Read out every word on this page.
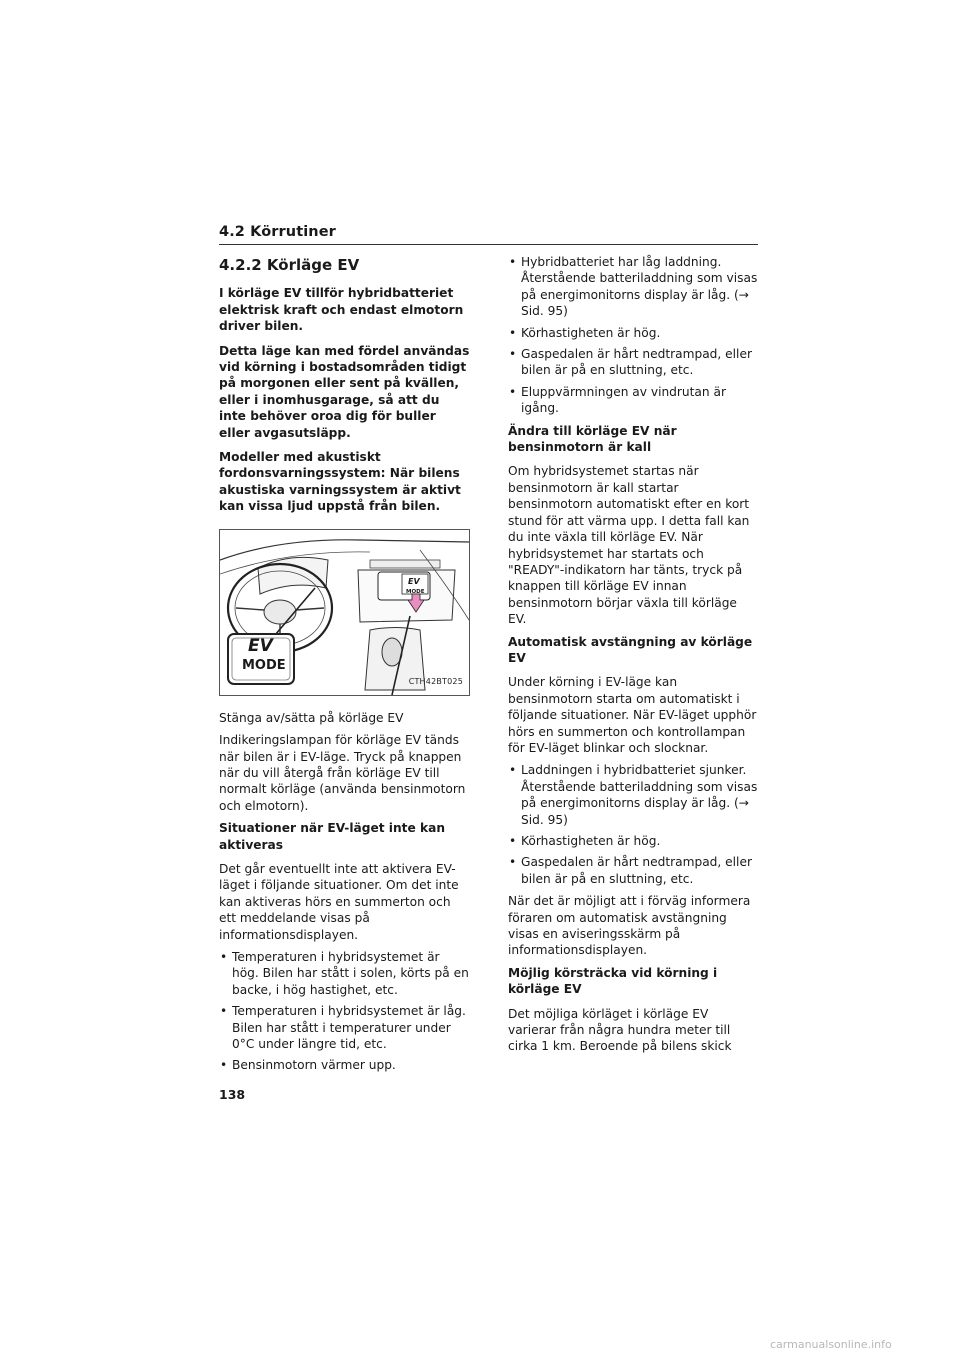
4.2 Körrutiner
4.2.2 Körläge EV

I körläge EV tillför hybridbatteriet elektrisk kraft och endast elmotorn driver bilen.

Detta läge kan med fördel användas vid körning i bostadsområden tidigt på morgonen eller sent på kvällen, eller i inomhusgarage, så att du inte behöver oroa dig för buller eller avgasutsläpp.

Modeller med akustiskt fordonsvarningssystem: När bilens akustiska varningssystem är aktivt kan vissa ljud uppstå från bilen.

EV
MODE
EV
MODE
CTH42BT025

Stänga av/sätta på körläge EV

Indikeringslampan för körläge EV tänds när bilen är i EV-läge. Tryck på knappen när du vill återgå från körläge EV till normalt körläge (använda bensinmotorn och elmotorn).

Situationer när EV-läget inte kan aktiveras

Det går eventuellt inte att aktivera EV-läget i följande situationer. Om det inte kan aktiveras hörs en summerton och ett meddelande visas på informationsdisplayen.

• Temperaturen i hybridsystemet är hög. Bilen har stått i solen, körts på en backe, i hög hastighet, etc.
• Temperaturen i hybridsystemet är låg. Bilen har stått i temperaturer under 0°C under längre tid, etc.
• Bensinmotorn värmer upp.
• Hybridbatteriet har låg laddning. Återstående batteriladdning som visas på energimonitorns display är låg. (→ Sid. 95)
• Körhastigheten är hög.
• Gaspedalen är hårt nedtrampad, eller bilen är på en sluttning, etc.
• Eluppvärmningen av vindrutan är igång.

Ändra till körläge EV när bensinmotorn är kall

Om hybridsystemet startas när bensinmotorn är kall startar bensinmotorn automatiskt efter en kort stund för att värma upp. I detta fall kan du inte växla till körläge EV. När hybridsystemet har startats och "READY"-indikatorn har tänts, tryck på knappen till körläge EV innan bensinmotorn börjar växla till körläge EV.

Automatisk avstängning av körläge EV

Under körning i EV-läge kan bensinmotorn starta om automatiskt i följande situationer. När EV-läget upphör hörs en summerton och kontrollampan för EV-läget blinkar och slocknar.

• Laddningen i hybridbatteriet sjunker. Återstående batteriladdning som visas på energimonitorns display är låg. (→ Sid. 95)
• Körhastigheten är hög.
• Gaspedalen är hårt nedtrampad, eller bilen är på en sluttning, etc.

När det är möjligt att i förväg informera föraren om automatisk avstängning visas en aviseringsskärm på informationsdisplayen.

Möjlig körsträcka vid körning i körläge EV

Det möjliga körläget i körläge EV varierar från några hundra meter till cirka 1 km. Beroende på bilens skick

138
carmanualsonline.info
